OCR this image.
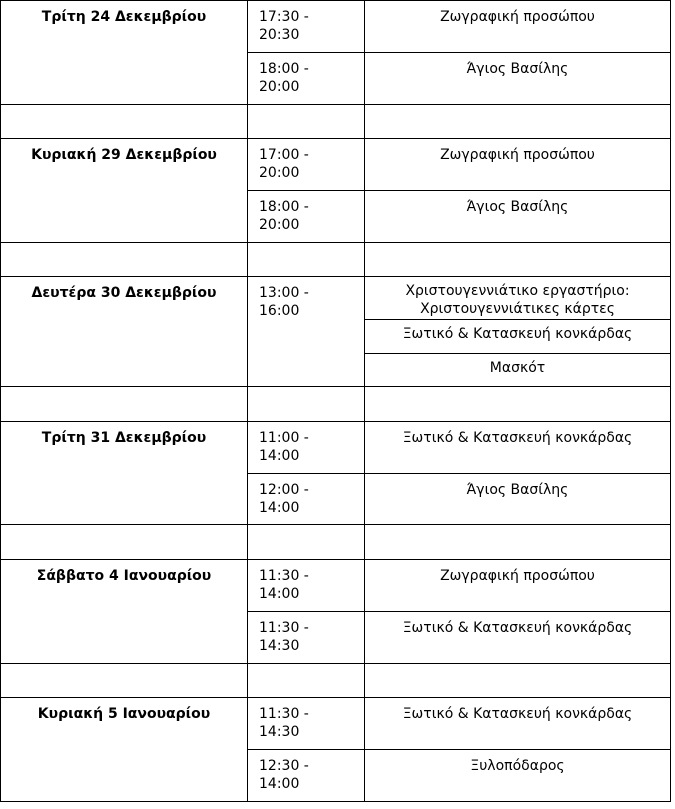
Τρίτη 24 Δεκεμβρίου	17:30 -
20:30	Ζωγραφική προσώπου
	18:00 -
20:00	Άγιος Βασίλης

Κυριακή 29 Δεκεμβρίου	17:00 -
20:00	Ζωγραφική προσώπου
	18:00 -
20:00	Άγιος Βασίλης

Δευτέρα 30 Δεκεμβρίου	13:00 -
16:00	Χριστουγεννιάτικο εργαστήριο:
Χριστουγεννιάτικες κάρτες
		Ξωτικό & Κατασκευή κονκάρδας
		Μασκότ

Τρίτη 31 Δεκεμβρίου	11:00 -
14:00	Ξωτικό & Κατασκευή κονκάρδας
	12:00 -
14:00	Άγιος Βασίλης

Σάββατο 4 Ιανουαρίου	11:30 -
14:00	Ζωγραφική προσώπου
	11:30 -
14:30	Ξωτικό & Κατασκευή κονκάρδας

Κυριακή 5 Ιανουαρίου	11:30 -
14:30	Ξωτικό & Κατασκευή κονκάρδας
	12:30 -
14:00	Ξυλοπόδαρος
